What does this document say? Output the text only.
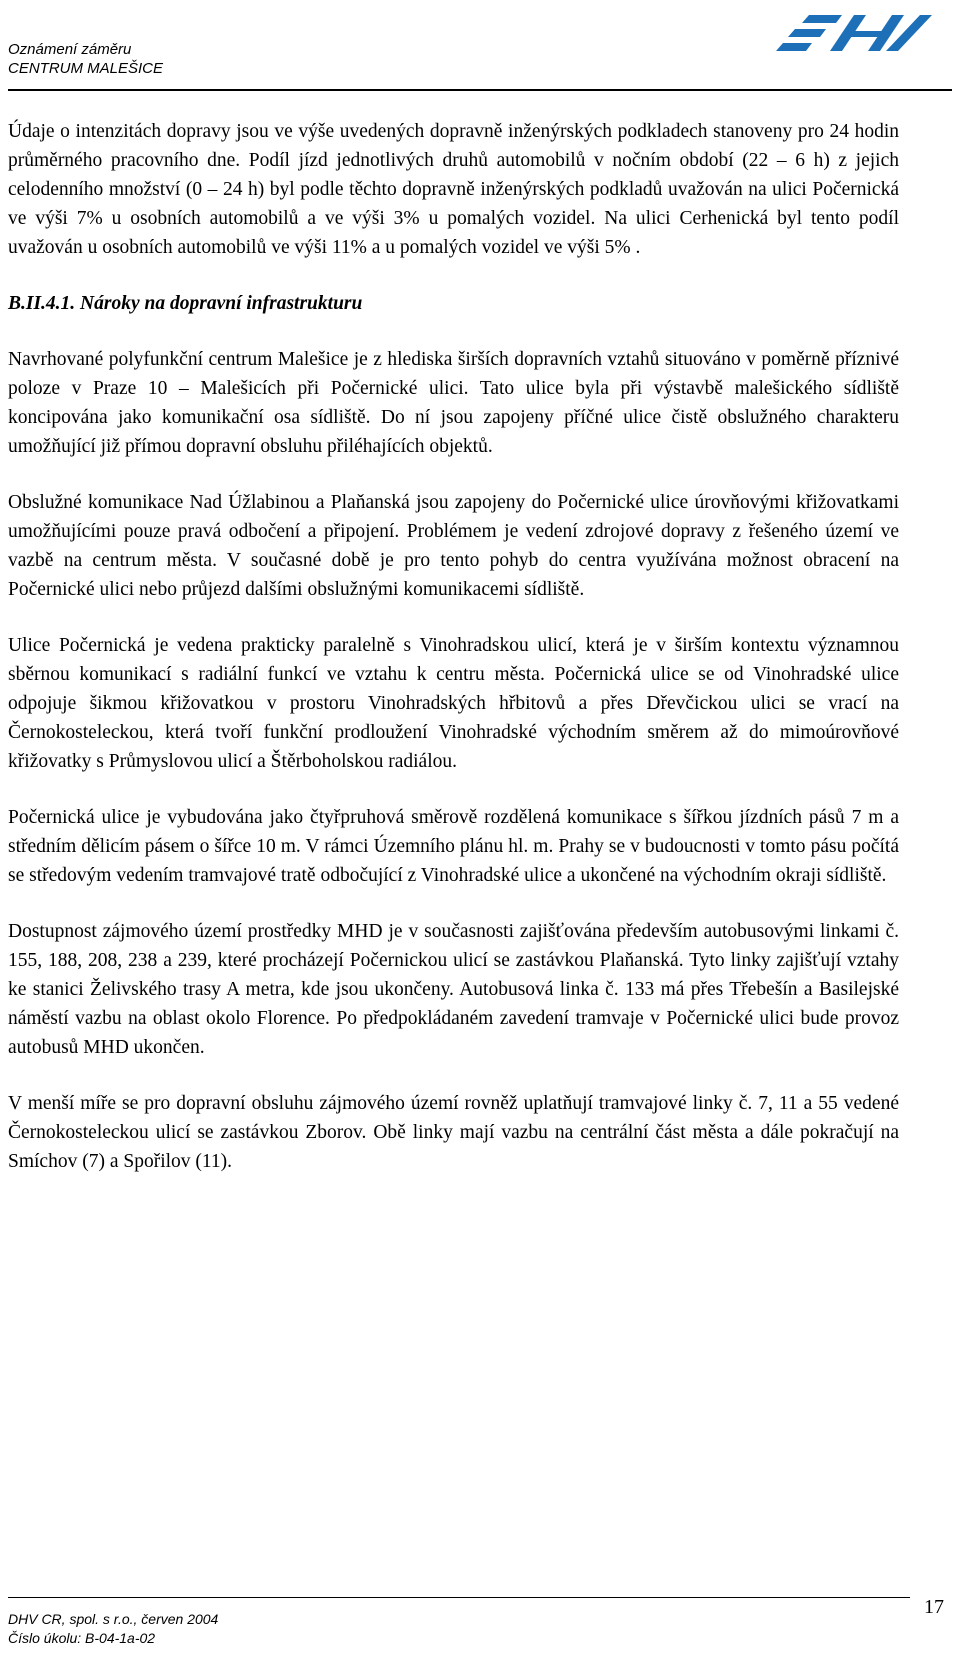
Oznámení záměru
CENTRUM MALEŠICE

Údaje o intenzitách dopravy jsou ve výše uvedených dopravně inženýrských podkladech stanoveny pro 24 hodin průměrného pracovního dne. Podíl jízd jednotlivých druhů automobilů v nočním období (22 – 6 h) z jejich celodenního množství (0 – 24 h) byl podle těchto dopravně inženýrských podkladů uvažován na ulici Počernická ve výši 7% u osobních automobilů a ve výši 3% u pomalých vozidel. Na ulici Cerhenická byl tento podíl uvažován u osobních automobilů ve výši 11% a u pomalých vozidel ve výši 5% .

B.II.4.1. Nároky na dopravní infrastrukturu

Navrhované polyfunkční centrum Malešice je z hlediska širších dopravních vztahů situováno v poměrně příznivé poloze v Praze 10 – Malešicích při Počernické ulici. Tato ulice byla při výstavbě malešického sídliště koncipována jako komunikační osa sídliště. Do ní jsou zapojeny příčné ulice čistě obslužného charakteru umožňující již přímou dopravní obsluhu přiléhajících objektů.

Obslužné komunikace Nad Úžlabinou a Plaňanská jsou zapojeny do Počernické ulice úrovňovými křižovatkami umožňujícími pouze pravá odbočení a připojení. Problémem je vedení zdrojové dopravy z řešeného území ve vazbě na centrum města. V současné době je pro tento pohyb do centra využívána možnost obracení na Počernické ulici nebo průjezd dalšími obslužnými komunikacemi sídliště.

Ulice Počernická je vedena prakticky paralelně s Vinohradskou ulicí, která je v širším kontextu významnou sběrnou komunikací s radiální funkcí ve vztahu k centru města. Počernická ulice se od Vinohradské ulice odpojuje šikmou křižovatkou v prostoru Vinohradských hřbitovů a přes Dřevčickou ulici se vrací na Černokosteleckou, která tvoří funkční prodloužení Vinohradské východním směrem až do mimoúrovňové křižovatky s Průmyslovou ulicí a Štěrboholskou radiálou.

Počernická ulice je vybudována jako čtyřpruhová směrově rozdělená komunikace s šířkou jízdních pásů 7 m a středním dělicím pásem o šířce 10 m. V rámci Územního plánu hl. m. Prahy se v budoucnosti v tomto pásu počítá se středovým vedením tramvajové tratě odbočující z Vinohradské ulice a ukončené na východním okraji sídliště.

Dostupnost zájmového území prostředky MHD je v současnosti zajišťována především autobusovými linkami č. 155, 188, 208, 238 a 239, které procházejí Počernickou ulicí se zastávkou Plaňanská. Tyto linky zajišťují vztahy ke stanici Želivského trasy A metra, kde jsou ukončeny. Autobusová linka č. 133 má přes Třebešín a Basilejské náměstí vazbu na oblast okolo Florence. Po předpokládaném zavedení tramvaje v Počernické ulici bude provoz autobusů MHD ukončen.

V menší míře se pro dopravní obsluhu zájmového území rovněž uplatňují tramvajové linky č. 7, 11 a 55 vedené Černokosteleckou ulicí se zastávkou Zborov. Obě linky mají vazbu na centrální část města a dále pokračují na Smíchov (7) a Spořilov (11).

DHV CR, spol. s r.o., červen 2004
Číslo úkolu: B-04-1a-02
17
